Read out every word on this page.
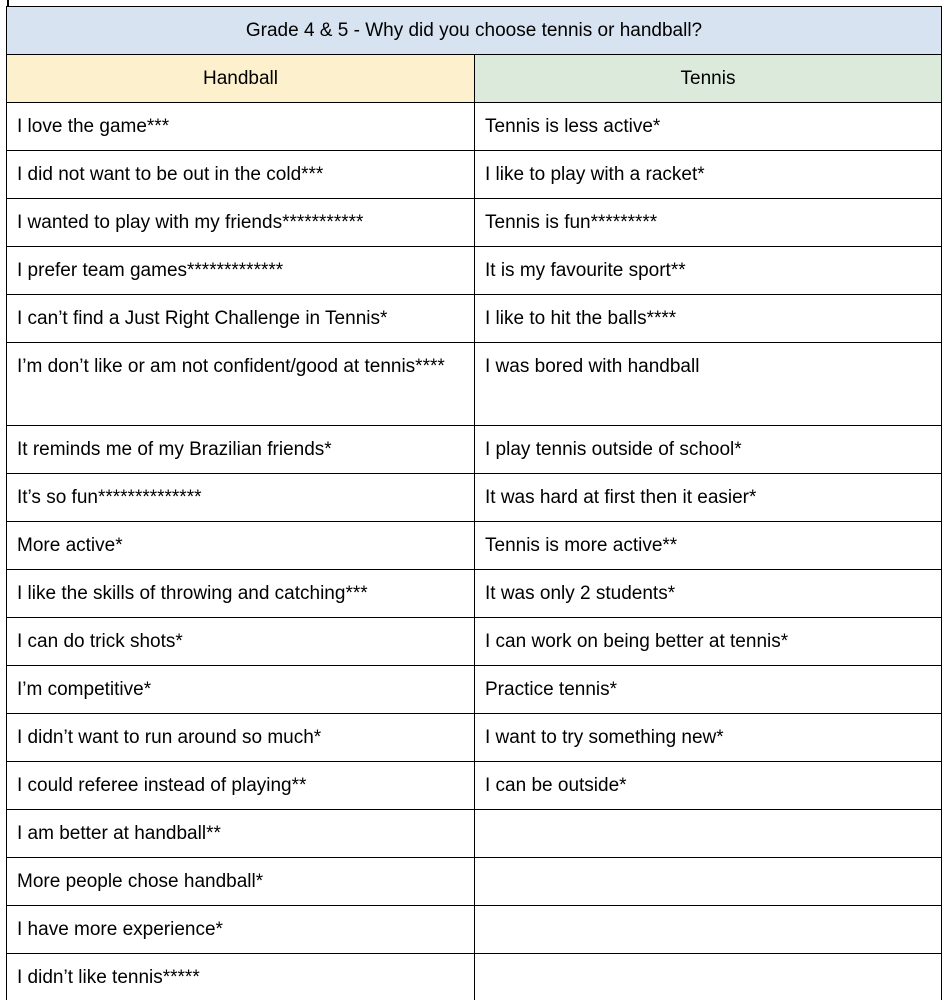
Grade 4 & 5 - Why did you choose tennis or handball?	
Handball	Tennis
I love the game***	Tennis is less active*
I did not want to be out in the cold***	I like to play with a racket*
I wanted to play with my friends***********	Tennis is fun*********
I prefer team games*************	It is my favourite sport**
I can’t find a Just Right Challenge in Tennis*	I like to hit the balls****
I’m don’t like or am not confident/good at tennis****	I was bored with handball
It reminds me of my Brazilian friends*	I play tennis outside of school*
It’s so fun**************	It was hard at first then it easier*
More active*	Tennis is more active**
I like the skills of throwing and catching***	It was only 2 students*
I can do trick shots*	I can work on being better at tennis*
I’m competitive*	Practice tennis*
I didn’t want to run around so much*	I want to try something new*
I could referee instead of playing**	I can be outside*
I am better at handball**	
More people chose handball*	
I have more experience*	
I didn’t like tennis*****	
